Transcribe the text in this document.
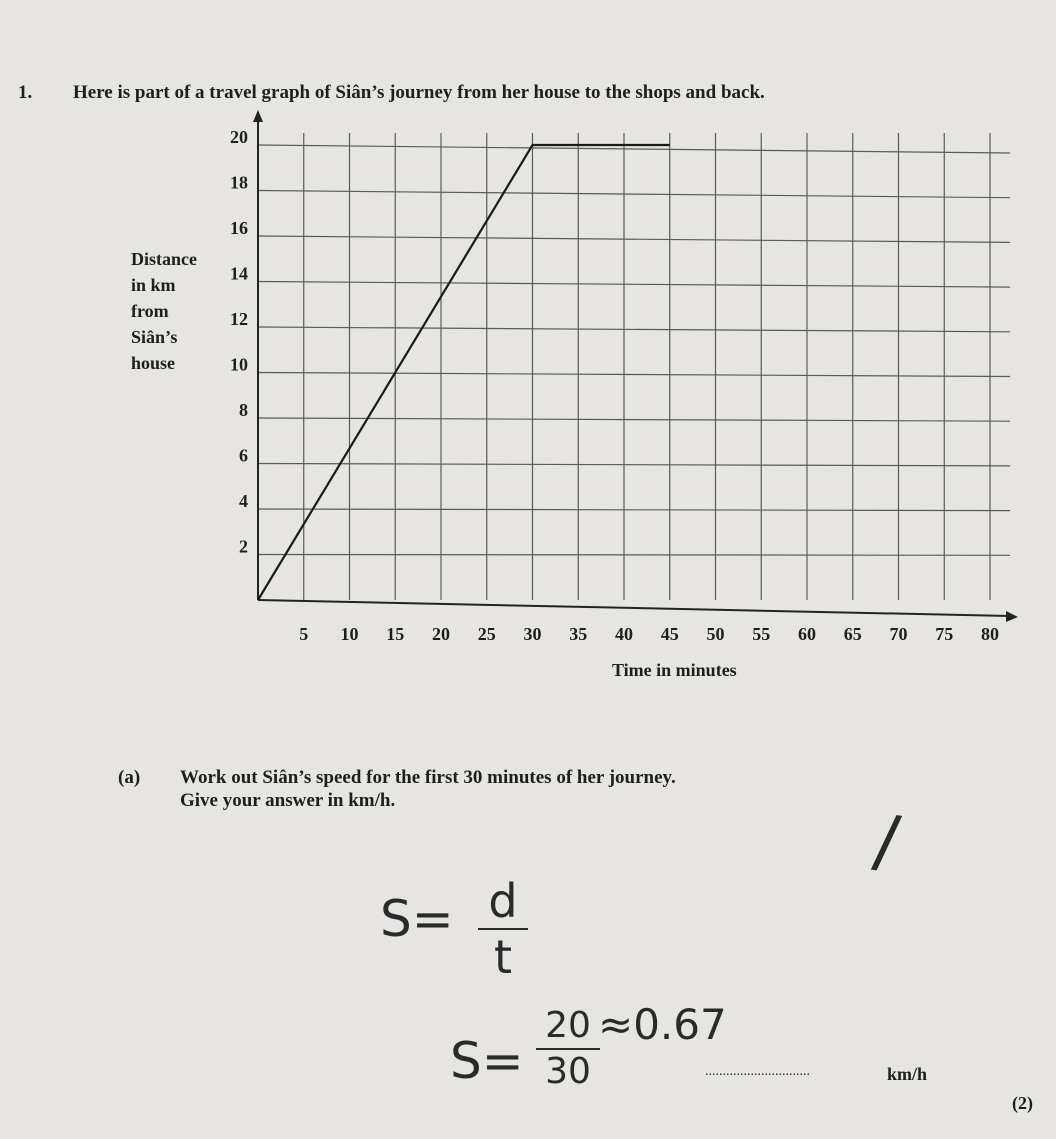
1. Here is part of a travel graph of Siân’s journey from her house to the shops and back.
Distance
in km
from
Siân’s
house
5 10 15 20 25 30 35 40 45 50 55 60 65 70 75 80
2
4
6
8
10
12
14
16
18
20
Time in minutes
(a) Work out Siân’s speed for the first 30 minutes of her journey.
Give your answer in km/h.	/
S= d
t
S=
20
30
≈0.67
..............................	km/h
(2)
